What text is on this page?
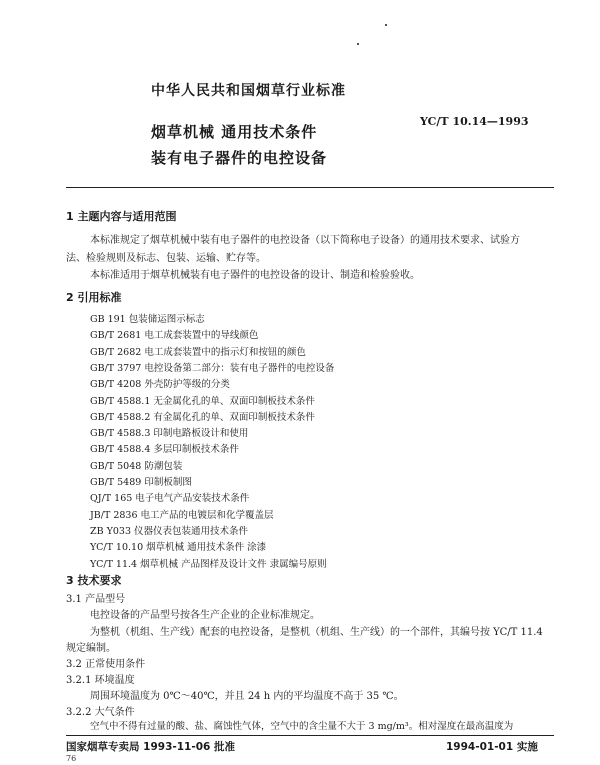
中华人民共和国烟草行业标准
烟草机械 通用技术条件
装有电子器件的电控设备
YC/T 10.14—1993
1 主题内容与适用范围
本标准规定了烟草机械中装有电子器件的电控设备（以下简称电子设备）的通用技术要求、试验方
法、检验规则及标志、包装、运输、贮存等。
本标准适用于烟草机械装有电子器件的电控设备的设计、制造和检验验收。
2 引用标准
GB 191 包装储运图示标志
GB/T 2681 电工成套装置中的导线颜色
GB/T 2682 电工成套装置中的指示灯和按钮的颜色
GB/T 3797 电控设备第二部分：装有电子器件的电控设备
GB/T 4208 外壳防护等级的分类
GB/T 4588.1 无金属化孔的单、双面印制板技术条件
GB/T 4588.2 有金属化孔的单、双面印制板技术条件
GB/T 4588.3 印制电路板设计和使用
GB/T 4588.4 多层印制板技术条件
GB/T 5048 防潮包装
GB/T 5489 印制板制图
QJ/T 165 电子电气产品安装技术条件
JB/T 2836 电工产品的电镀层和化学覆盖层
ZB Y033 仪器仪表包装通用技术条件
YC/T 10.10 烟草机械 通用技术条件 涂漆
YC/T 11.4 烟草机械 产品图样及设计文件 隶属编号原则
3 技术要求
3.1 产品型号
电控设备的产品型号按各生产企业的企业标准规定。
为整机（机组、生产线）配套的电控设备，是整机（机组、生产线）的一个部件，其编号按 YC/T 11.4
规定编制。
3.2 正常使用条件
3.2.1 环境温度
周围环境温度为 0℃～40℃，并且 24 h 内的平均温度不高于 35 ℃。
3.2.2 大气条件
空气中不得有过量的酸、盐、腐蚀性气体，空气中的含尘量不大于 3 mg/m³。相对湿度在最高温度为
国家烟草专卖局 1993-11-06 批准	1994-01-01 实施
76
